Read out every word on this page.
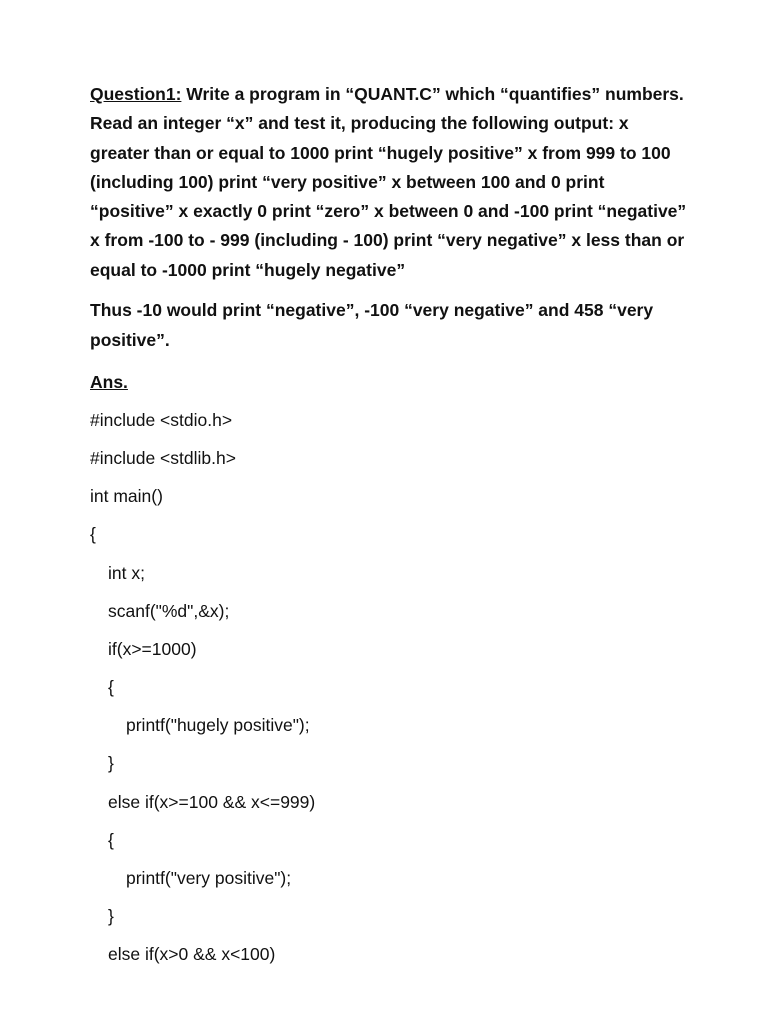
Question1: Write a program in “QUANT.C” which “quantifies” numbers. Read an integer “x” and test it, producing the following output: x greater than or equal to 1000 print “hugely positive” x from 999 to 100 (including 100) print “very positive” x between 100 and 0 print “positive” x exactly 0 print “zero” x between 0 and -100 print “negative” x from -100 to - 999 (including - 100) print “very negative” x less than or equal to -1000 print “hugely negative”
Thus -10 would print “negative”, -100 “very negative” and 458 “very positive”.
Ans.
#include <stdio.h>
#include <stdlib.h>
int main()
{
int x;
scanf("%d",&x);
if(x>=1000)
{
printf("hugely positive");
}
else if(x>=100 && x<=999)
{
printf("very positive");
}
else if(x>0 && x<100)
